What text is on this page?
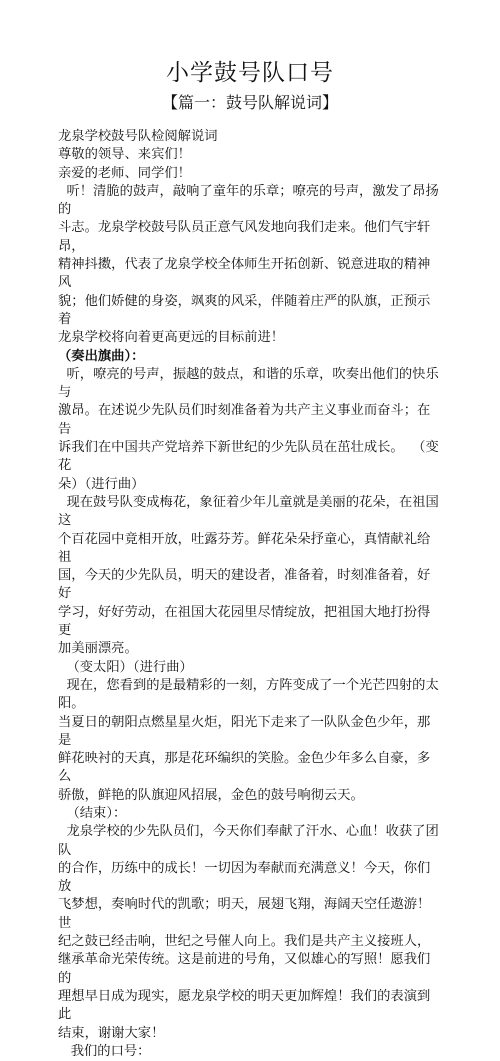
小学鼓号队口号
【篇一：鼓号队解说词】

龙泉学校鼓号队检阅解说词

尊敬的领导、来宾们！

亲爱的老师、同学们！

听！清脆的鼓声，敲响了童年的乐章；嘹亮的号声，激发了昂扬的

斗志。龙泉学校鼓号队员正意气风发地向我们走来。他们气宇轩昂，

精神抖擞，代表了龙泉学校全体师生开拓创新、锐意进取的精神风

貌；他们娇健的身姿，飒爽的风采，伴随着庄严的队旗，正预示着

龙泉学校将向着更高更远的目标前进！

（奏出旗曲）：

听，嘹亮的号声，振越的鼓点，和谐的乐章，吹奏出他们的快乐与

激昂。在述说少先队员们时刻准备着为共产主义事业而奋斗；在告

诉我们在中国共产党培养下新世纪的少先队员在茁壮成长。  （变花

朵）（进行曲）

现在鼓号队变成梅花，象征着少年儿童就是美丽的花朵，在祖国这

个百花园中竟相开放，吐露芬芳。鲜花朵朵抒童心，真情献礼给祖

国，今天的少先队员，明天的建设者，准备着，时刻准备着，好好

学习，好好劳动，在祖国大花园里尽情绽放，把祖国大地打扮得更

加美丽漂亮。

（变太阳）（进行曲）

现在，您看到的是最精彩的一刻，方阵变成了一个光芒四射的太阳。

当夏日的朝阳点燃星星火炬，阳光下走来了一队队金色少年，那是

鲜花映衬的天真，那是花环编织的笑脸。金色少年多么自豪，多么

骄傲，鲜艳的队旗迎风招展，金色的鼓号响彻云天。

（结束）：

龙泉学校的少先队员们，今天你们奉献了汗水、心血！收获了团队

的合作，历练中的成长！一切因为奉献而充满意义！今天，你们放

飞梦想，奏响时代的凯歌；明天，展翅飞翔，海阔天空任遨游！世

纪之鼓已经击响，世纪之号催人向上。我们是共产主义接班人，

继承革命光荣传统。这是前进的号角，又似雄心的写照！愿我们的

理想早日成为现实，愿龙泉学校的明天更加辉煌！我们的表演到此

结束，谢谢大家！

我们的口号：
